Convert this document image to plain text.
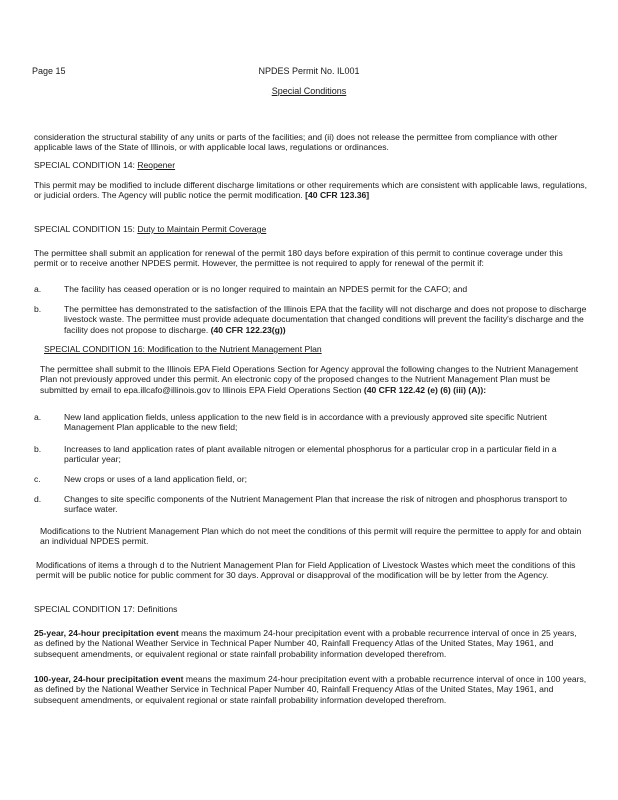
Page 15	NPDES Permit No. IL001
Special Conditions
consideration the structural stability of any units or parts of the facilities; and (ii) does not release the permittee from compliance with other applicable laws of the State of Illinois, or with applicable local laws, regulations or ordinances.
SPECIAL CONDITION 14: Reopener
This permit may be modified to include different discharge limitations or other requirements which are consistent with applicable laws, regulations, or judicial orders. The Agency will public notice the permit modification. [40 CFR 123.36]
SPECIAL CONDITION 15: Duty to Maintain Permit Coverage
The permittee shall submit an application for renewal of the permit 180 days before expiration of this permit to continue coverage under this permit or to receive another NPDES permit. However, the permittee is not required to apply for renewal of the permit if:
a.	The facility has ceased operation or is no longer required to maintain an NPDES permit for the CAFO; and
b.	The permittee has demonstrated to the satisfaction of the Illinois EPA that the facility will not discharge and does not propose to discharge livestock waste. The permittee must provide adequate documentation that changed conditions will prevent the facility's discharge and the facility does not propose to discharge. (40 CFR 122.23(g))
SPECIAL CONDITION 16: Modification to the Nutrient Management Plan
The permittee shall submit to the Illinois EPA Field Operations Section for Agency approval the following changes to the Nutrient Management Plan not previously approved under this permit. An electronic copy of the proposed changes to the Nutrient Management Plan must be submitted by email to epa.illcafo@illinois.gov to Illinois EPA Field Operations Section (40 CFR 122.42 (e) (6) (iii) (A)):
a.	New land application fields, unless application to the new field is in accordance with a previously approved site specific Nutrient Management Plan applicable to the new field;
b.	Increases to land application rates of plant available nitrogen or elemental phosphorus for a particular crop in a particular field in a particular year;
c.	New crops or uses of a land application field, or;
d.	Changes to site specific components of the Nutrient Management Plan that increase the risk of nitrogen and phosphorus transport to surface water.
Modifications to the Nutrient Management Plan which do not meet the conditions of this permit will require the permittee to apply for and obtain an individual NPDES permit.
Modifications of items a through d to the Nutrient Management Plan for Field Application of Livestock Wastes which meet the conditions of this permit will be public notice for public comment for 30 days. Approval or disapproval of the modification will be by letter from the Agency.
SPECIAL CONDITION 17: Definitions
25-year, 24-hour precipitation event means the maximum 24-hour precipitation event with a probable recurrence interval of once in 25 years, as defined by the National Weather Service in Technical Paper Number 40, Rainfall Frequency Atlas of the United States, May 1961, and subsequent amendments, or equivalent regional or state rainfall probability information developed therefrom.
100-year, 24-hour precipitation event means the maximum 24-hour precipitation event with a probable recurrence interval of once in 100 years, as defined by the National Weather Service in Technical Paper Number 40, Rainfall Frequency Atlas of the United States, May 1961, and subsequent amendments, or equivalent regional or state rainfall probability information developed therefrom.
